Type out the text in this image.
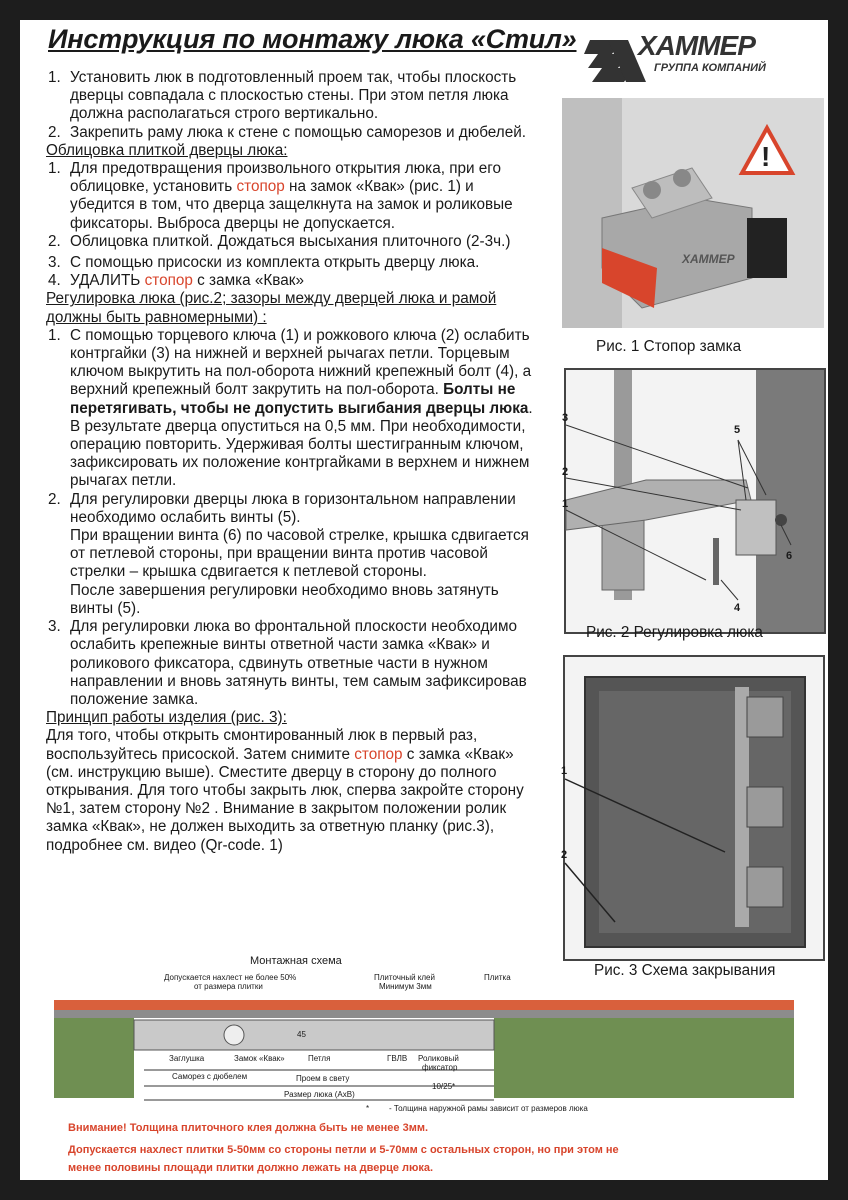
Инструкция по монтажу люка «Стил» ХАММЕР
ГРУППА КОМПАНИЙ

1. Установить люк в подготовленный проем так, чтобы плоскость дверцы совпадала с плоскостью стены. При этом петля люка должна располагаться строго вертикально.

2. Закрепить раму люка к стене с помощью саморезов и дюбелей.

Облицовка плиткой дверцы люка:

1. Для предотвращения произвольного открытия люка, при его облицовке, установить стопор на замок «Квак» (рис. 1) и убедится в том, что дверца защелкнута на замок и роликовые фиксаторы. Выброса дверцы не допускается.

2. Облицовка плиткой. Дождаться высыхания плиточного (2-3ч.)

3. С помощью присоски из комплекта открыть дверцу люка.

4. УДАЛИТЬ стопор с замка «Квак»

Регулировка люка (рис.2; зазоры между дверцей люка и рамой должны быть равномерными) :

1. С помощью торцевого ключа (1) и рожкового ключа (2) ослабить контргайки (3) на нижней и верхней рычагах петли. Торцевым ключом выкрутить на пол-оборота нижний крепежный болт (4), а верхний крепежный болт закрутить на пол-оборота. Болты не перетягивать, чтобы не допустить выгибания дверцы люка. В результате дверца опуститься на 0,5 мм. При необходимости, операцию повторить. Удерживая болты шестигранным ключом, зафиксировать их положение контргайками в верхнем и нижнем рычагах петли.

2. Для регулировки дверцы люка в горизонтальном направлении необходимо ослабить винты (5).

При вращении винта (6) по часовой стрелке, крышка сдвигается от петлевой стороны, при вращении винта против часовой стрелки – крышка сдвигается к петлевой стороны.

После завершения регулировки необходимо вновь затянуть винты (5).

3. Для регулировки люка во фронтальной плоскости необходимо ослабить крепежные винты ответной части замка «Квак» и роликового фиксатора, сдвинуть ответные части в нужном направлении и вновь затянуть винты, тем самым зафиксировав положение замка.

Принцип работы изделия (рис. 3):

Для того, чтобы открыть смонтированный люк в первый раз, воспользуйтесь присоской. Затем снимите стопор с замка «Квак» (см. инструкцию выше). Сместите дверцу в сторону до полного открывания. Для того чтобы закрыть люк, сперва закройте сторону №1, затем сторону №2 . Внимание в закрытом положении ролик замка «Квак», не должен выходить за ответную планку (рис.3), подробнее см. видео (Qr-code. 1)

ХАММЕР
!
Рис. 1 Стопор замка
3
5
2
1
6
4
Рис. 2 Регулировка люка
1
2
Рис. 3 Схема закрывания
Монтажная схема
Допускается нахлест не более 50%
от размера плитки
Плиточный клей
Минимум 3мм
Плитка
45
Заглушка	Замок «Квак»	Петля	ГВЛВ Роликовый
фиксатор
Саморез с дюбелем	Проем в свету
Размер люка (АхВ)
10/25*
* - Толщина наружной рамы зависит от размеров люка
Внимание! Толщина плиточного клея должна быть не менее 3мм.
Допускается нахлест плитки 5-50мм со стороны петли и 5-70мм с остальных сторон, но при этом не
менее половины площади плитки должно лежать на дверце люка.
